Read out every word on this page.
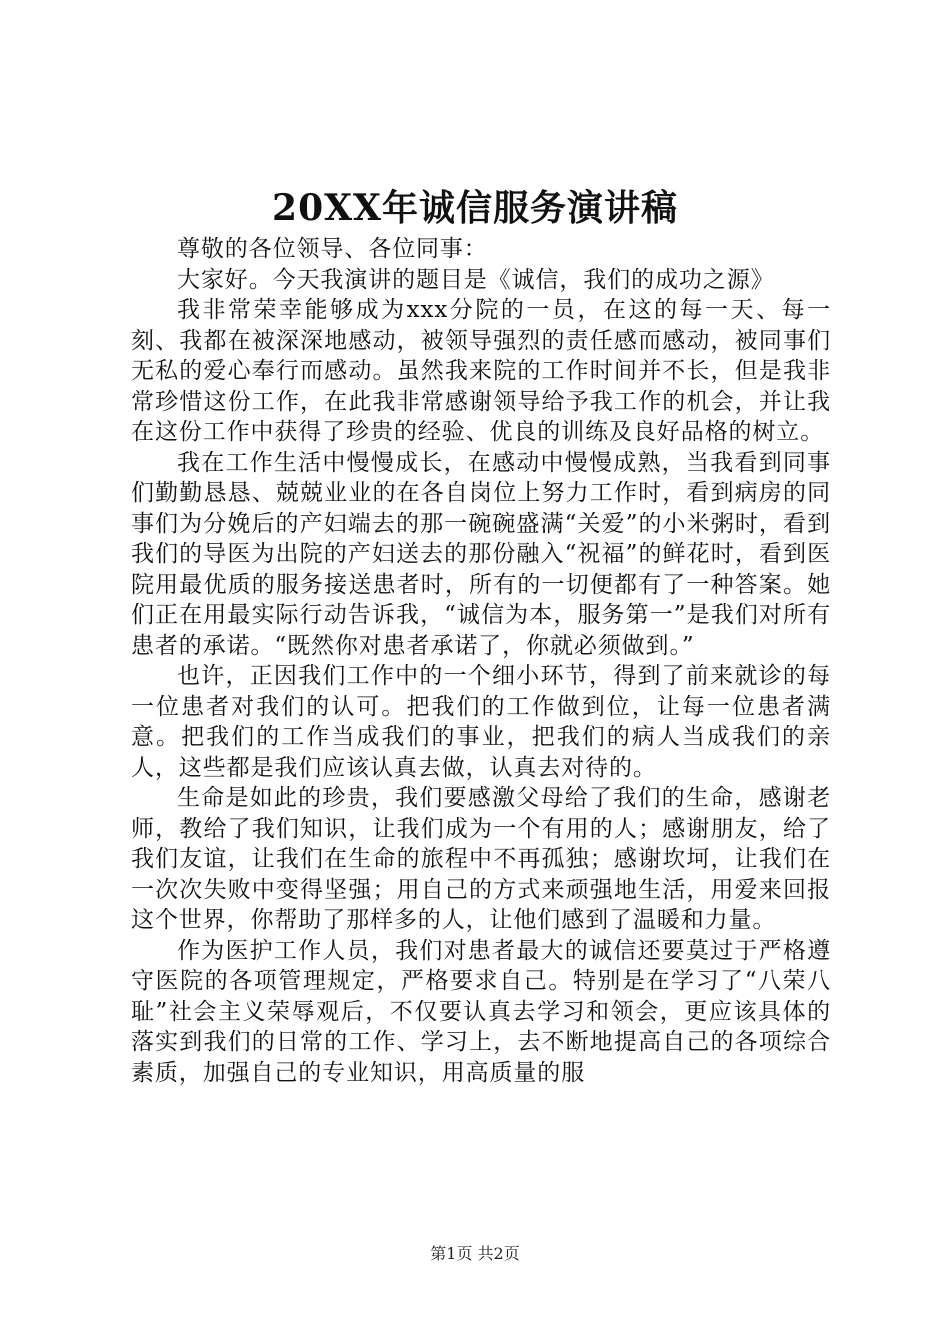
20XX年诚信服务演讲稿

尊敬的各位领导、各位同事：

大家好。今天我演讲的题目是《诚信，我们的成功之源》

我非常荣幸能够成为xxx分院的一员，在这的每一天、每一刻、我都在被深深地感动，被领导强烈的责任感而感动，被同事们无私的爱心奉行而感动。虽然我来院的工作时间并不长，但是我非常珍惜这份工作，在此我非常感谢领导给予我工作的机会，并让我在这份工作中获得了珍贵的经验、优良的训练及良好品格的树立。

我在工作生活中慢慢成长，在感动中慢慢成熟，当我看到同事们勤勤恳恳、兢兢业业的在各自岗位上努力工作时，看到病房的同事们为分娩后的产妇端去的那一碗碗盛满“关爱”的小米粥时，看到我们的导医为出院的产妇送去的那份融入“祝福”的鲜花时，看到医院用最优质的服务接送患者时，所有的一切便都有了一种答案。她们正在用最实际行动告诉我，“诚信为本，服务第一”是我们对所有患者的承诺。“既然你对患者承诺了，你就必须做到。”

也许，正因我们工作中的一个细小环节，得到了前来就诊的每一位患者对我们的认可。把我们的工作做到位，让每一位患者满意。把我们的工作当成我们的事业，把我们的病人当成我们的亲人，这些都是我们应该认真去做，认真去对待的。

生命是如此的珍贵，我们要感激父母给了我们的生命，感谢老师，教给了我们知识，让我们成为一个有用的人；感谢朋友，给了我们友谊，让我们在生命的旅程中不再孤独；感谢坎坷，让我们在一次次失败中变得坚强；用自己的方式来顽强地生活，用爱来回报这个世界，你帮助了那样多的人，让他们感到了温暖和力量。

作为医护工作人员，我们对患者最大的诚信还要莫过于严格遵守医院的各项管理规定，严格要求自己。特别是在学习了“八荣八耻”社会主义荣辱观后，不仅要认真去学习和领会，更应该具体的落实到我们的日常的工作、学习上，去不断地提高自己的各项综合素质，加强自己的专业知识，用高质量的服

第1页 共2页
